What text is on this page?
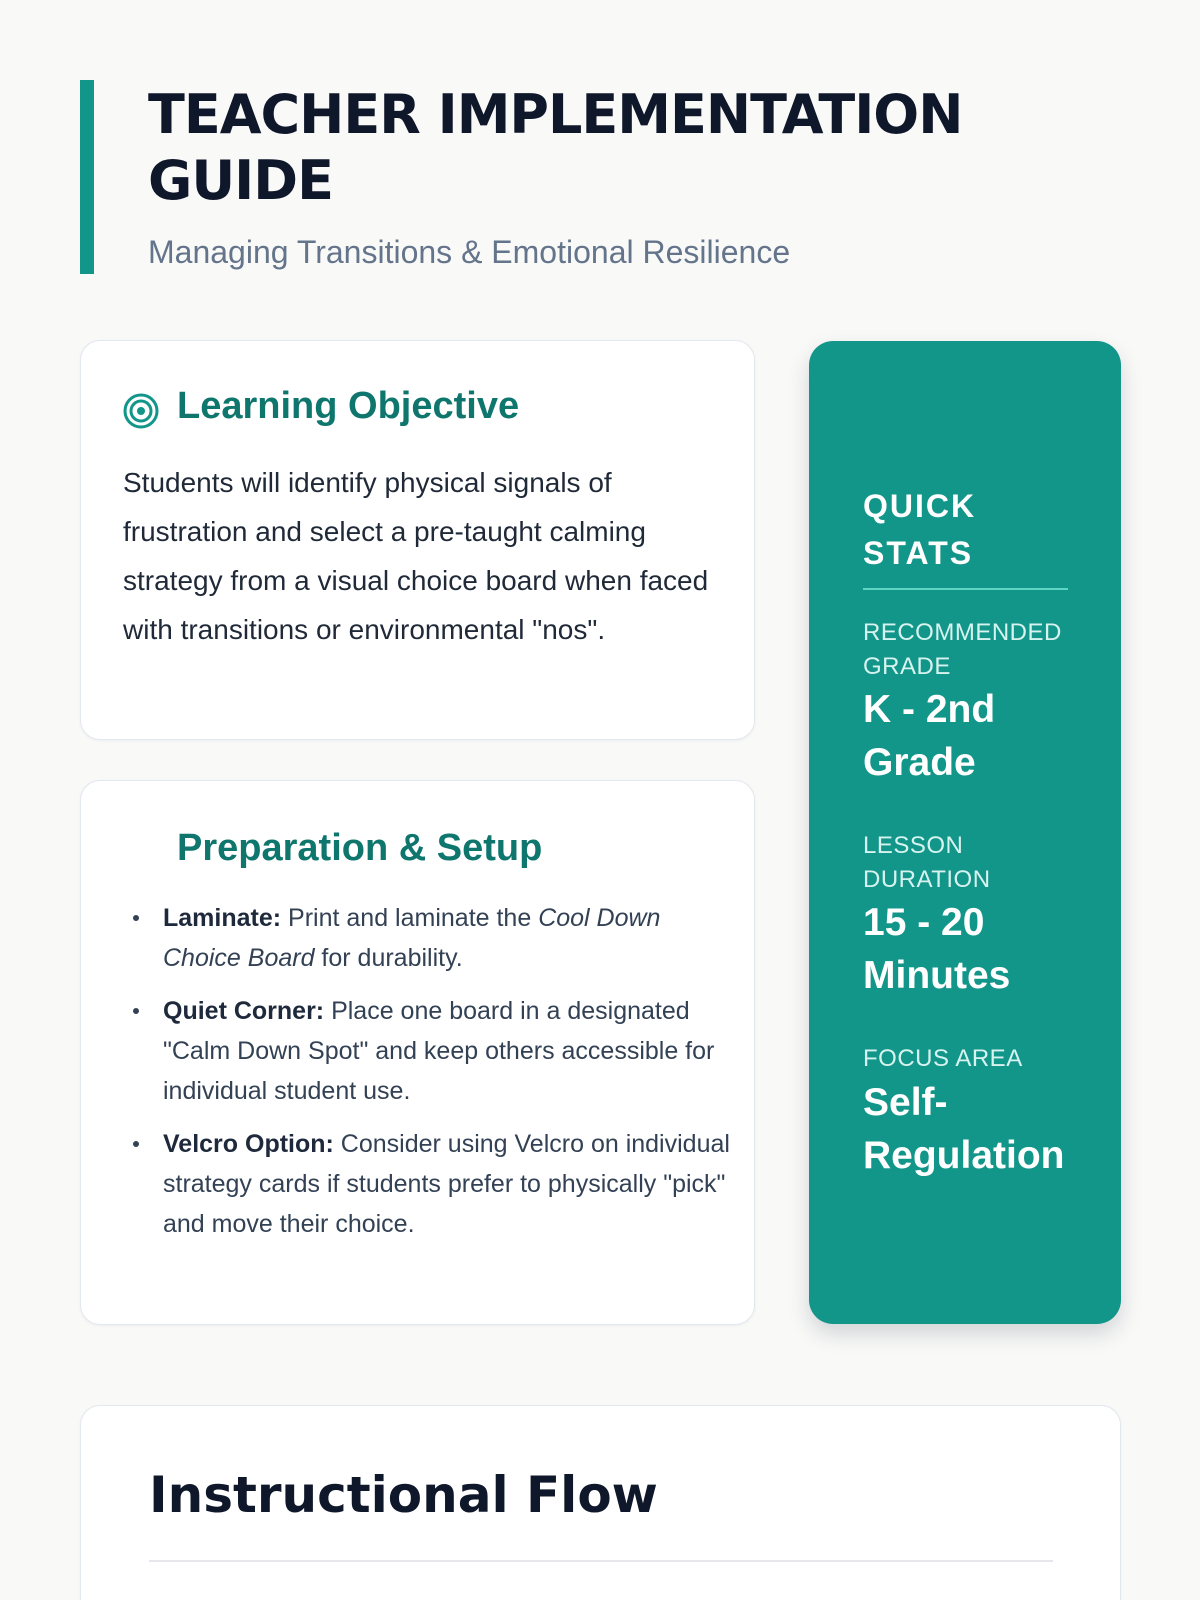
TEACHER IMPLEMENTATION GUIDE
Managing Transitions & Emotional Resilience
Learning Objective

Students will identify physical signals of frustration and select a pre-taught calming strategy from a visual choice board when faced with transitions or environmental "nos".

Preparation & Setup
Laminate: Print and laminate the Cool Down Choice Board for durability.
Quiet Corner: Place one board in a designated "Calm Down Spot" and keep others accessible for individual student use.
Velcro Option: Consider using Velcro on individual strategy cards if students prefer to physically "pick" and move their choice.
QUICK STATS
RECOMMENDED GRADE
K - 2nd Grade
LESSON DURATION
15 - 20 Minutes
FOCUS AREA
Self-Regulation
Instructional Flow
